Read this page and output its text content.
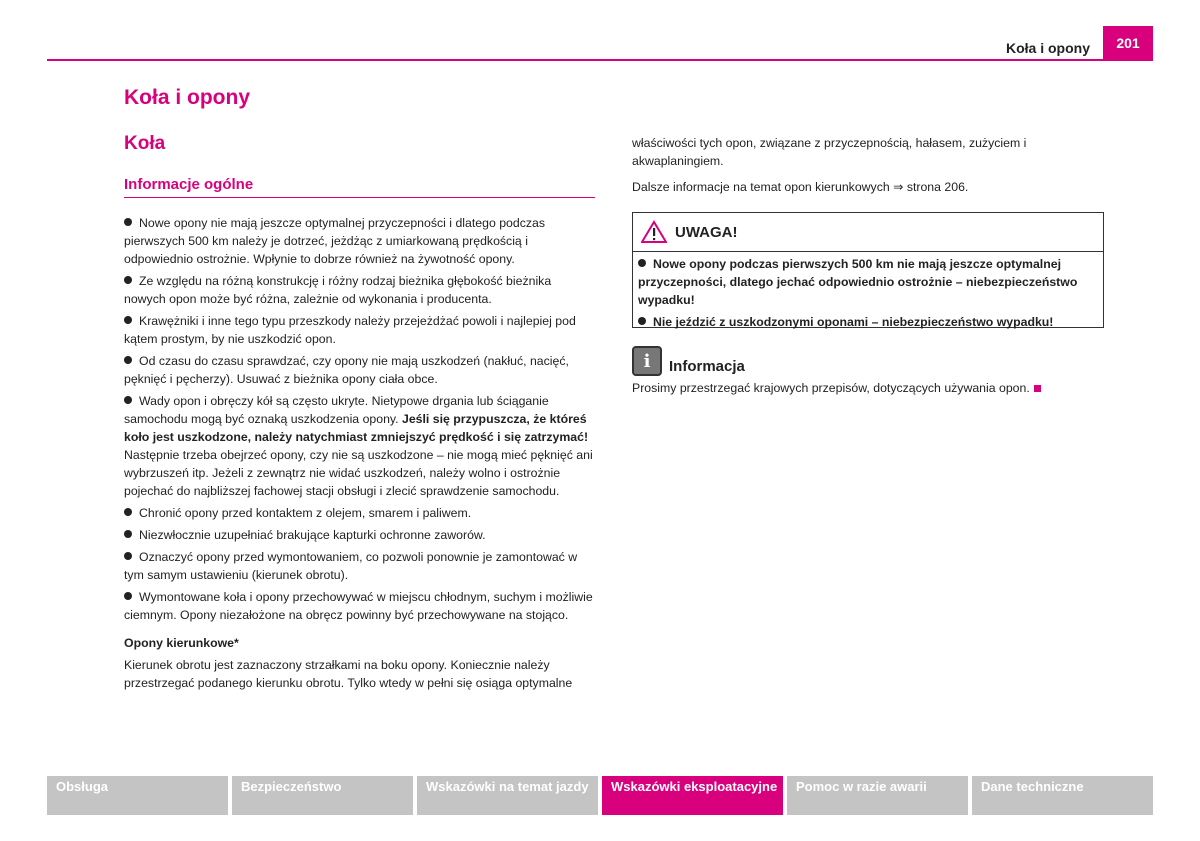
Koła i opony	201
Koła i opony
Koła
Informacje ogólne

Nowe opony nie mają jeszcze optymalnej przyczepności i dlatego podczas pierwszych 500 km należy je dotrzeć, jeżdżąc z umiarkowaną prędkością i odpowiednio ostrożnie. Wpłynie to dobrze również na żywotność opony.

Ze względu na różną konstrukcję i różny rodzaj bieżnika głębokość bieżnika nowych opon może być różna, zależnie od wykonania i producenta.

Krawężniki i inne tego typu przeszkody należy przejeżdżać powoli i najlepiej pod kątem prostym, by nie uszkodzić opon.

Od czasu do czasu sprawdzać, czy opony nie mają uszkodzeń (nakłuć, nacięć, pęknięć i pęcherzy). Usuwać z bieżnika opony ciała obce.

Wady opon i obręczy kół są często ukryte. Nietypowe drgania lub ściąganie samochodu mogą być oznaką uszkodzenia opony. Jeśli się przypuszcza, że któreś koło jest uszkodzone, należy natychmiast zmniejszyć prędkość i się zatrzymać! Następnie trzeba obejrzeć opony, czy nie są uszkodzone – nie mogą mieć pęknięć ani wybrzuszeń itp. Jeżeli z zewnątrz nie widać uszkodzeń, należy wolno i ostrożnie pojechać do najbliższej fachowej stacji obsługi i zlecić sprawdzenie samochodu.

Chronić opony przed kontaktem z olejem, smarem i paliwem.

Niezwłocznie uzupełniać brakujące kapturki ochronne zaworów.

Oznaczyć opony przed wymontowaniem, co pozwoli ponownie je zamontować w tym samym ustawieniu (kierunek obrotu).

Wymontowane koła i opony przechowywać w miejscu chłodnym, suchym i możliwie ciemnym. Opony niezałożone na obręcz powinny być przechowywane na stojąco.

Opony kierunkowe*

Kierunek obrotu jest zaznaczony strzałkami na boku opony. Koniecznie należy przestrzegać podanego kierunku obrotu. Tylko wtedy w pełni się osiąga optymalne

właściwości tych opon, związane z przyczepnością, hałasem, zużyciem i akwaplaningiem.

Dalsze informacje na temat opon kierunkowych ⇒ strona 206.

UWAGA!

Nowe opony podczas pierwszych 500 km nie mają jeszcze optymalnej przyczepności, dlatego jechać odpowiednio ostrożnie – niebezpieczeństwo wypadku!

Nie jeździć z uszkodzonymi oponami – niebezpieczeństwo wypadku!

i	Informacja
Prosimy przestrzegać krajowych przepisów, dotyczących używania opon.
Obsługa	Bezpieczeństwo	Wskazówki na temat jazdy	Wskazówki eksploatacyjne	Pomoc w razie awarii	Dane techniczne
